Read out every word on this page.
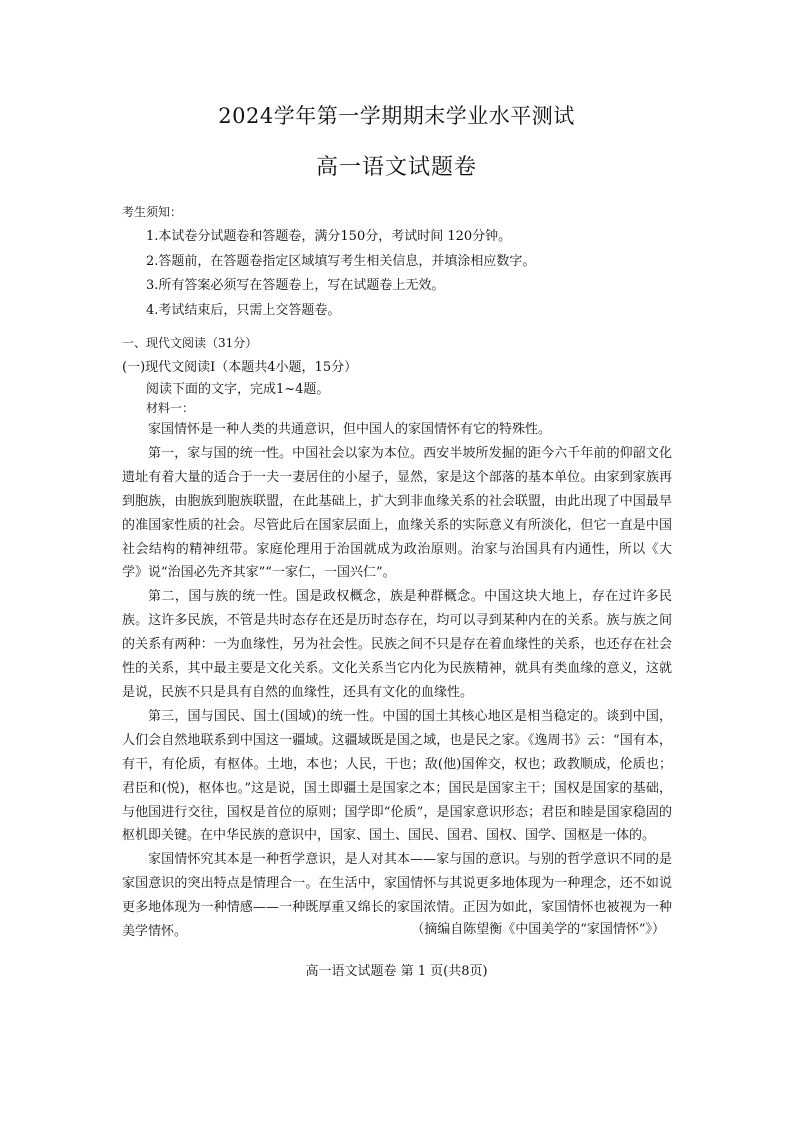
2024学年第一学期期末学业水平测试
高一语文试题卷
考生须知：
1.本试卷分试题卷和答题卷，满分150分，考试时间 120分钟。
2.答题前，在答题卷指定区域填写考生相关信息，并填涂相应数字。
3.所有答案必须写在答题卷上，写在试题卷上无效。
4.考试结束后，只需上交答题卷。
一、现代文阅读（31分）
(一)现代文阅读Ⅰ（本题共4小题，15分）
阅读下面的文字，完成1~4题。
材料一：

家国情怀是一种人类的共通意识，但中国人的家国情怀有它的特殊性。

第一，家与国的统一性。中国社会以家为本位。西安半坡所发掘的距今六千年前的仰韶文化遗址有着大量的适合于一夫一妻居住的小屋子，显然，家是这个部落的基本单位。由家到家族再到胞族，由胞族到胞族联盟，在此基础上，扩大到非血缘关系的社会联盟，由此出现了中国最早的准国家性质的社会。尽管此后在国家层面上，血缘关系的实际意义有所淡化，但它一直是中国社会结构的精神纽带。家庭伦理用于治国就成为政治原则。治家与治国具有内通性，所以《大学》说“治国必先齐其家”“一家仁，一国兴仁”。

第二，国与族的统一性。国是政权概念，族是种群概念。中国这块大地上，存在过许多民族。这许多民族，不管是共时态存在还是历时态存在，均可以寻到某种内在的关系。族与族之间的关系有两种：一为血缘性，另为社会性。民族之间不只是存在着血缘性的关系，也还存在社会性的关系，其中最主要是文化关系。文化关系当它内化为民族精神，就具有类血缘的意义，这就是说，民族不只是具有自然的血缘性，还具有文化的血缘性。

第三，国与国民、国土(国域)的统一性。中国的国土其核心地区是相当稳定的。谈到中国，人们会自然地联系到中国这一疆域。这疆域既是国之域，也是民之家。《逸周书》云：“国有本，有干，有伦质，有枢体。土地，本也；人民，干也；敌(他)国侔交，权也；政教顺成，伦质也；君臣和(悦)，枢体也。”这是说，国土即疆土是国家之本；国民是国家主干；国权是国家的基础，与他国进行交往，国权是首位的原则；国学即“伦质”，是国家意识形态；君臣和睦是国家稳固的枢机即关键。在中华民族的意识中，国家、国土、国民、国君、国权、国学、国枢是一体的。

家国情怀究其本是一种哲学意识，是人对其本——家与国的意识。与别的哲学意识不同的是家国意识的突出特点是情理合一。在生活中，家国情怀与其说更多地体现为一种理念，还不如说更多地体现为一种情感——一种既厚重又绵长的家国浓情。正因为如此，家国情怀也被视为一种美学情怀。	（摘编自陈望衡《中国美学的“家国情怀”》）
高一语文试题卷 第 1 页(共8页)
